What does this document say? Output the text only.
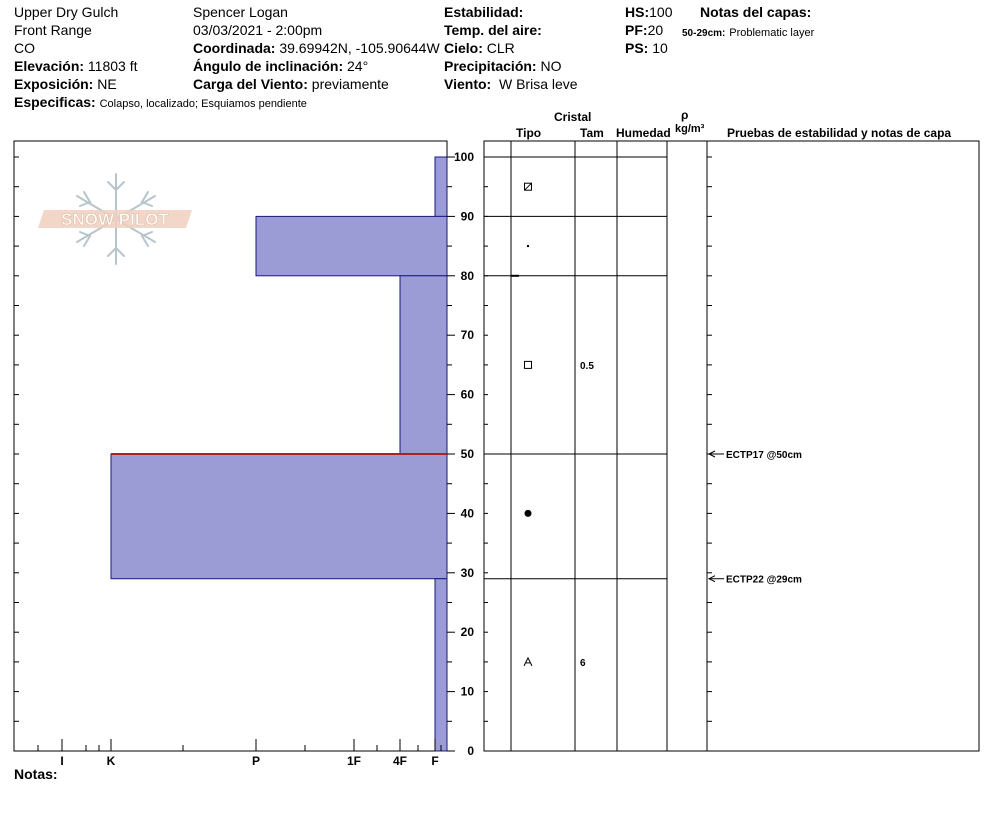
Upper Dry Gulch
Front Range
CO
Elevación: 11803 ft
Exposición: NE
Especificas: Colapso, localizado; Esquiamos pendiente
Spencer Logan
03/03/2021 - 2:00pm
Coordinada: 39.69942N, -105.90644W
Ángulo de inclinación: 24°
Carga del Viento: previamente
Estabilidad:
Temp. del aire:
Cielo: CLR
Precipitación: NO
Viento: W Brisa leve
HS:100
PF:20
PS: 10
Notas del capas:
50-29cm: Problematic layer
Cristal
Tipo	Tam Humedad
ρ
kg/m³ Pruebas de estabilidad y notas de capa
SNOW PILOT
0
10
20
30
40
50
60
70
80
90
100
I	K	P	1F	4F F
0.5
6
ECTP17 @50cm
ECTP22 @29cm
Notas:
